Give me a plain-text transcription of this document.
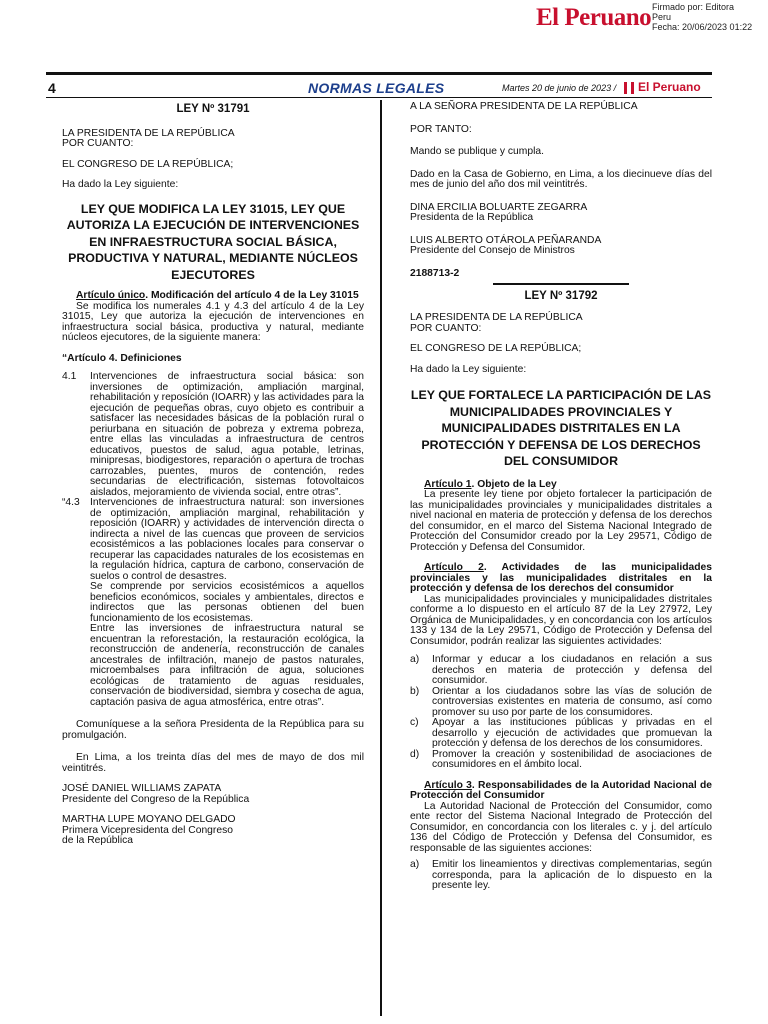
El Peruano Firmado por: Editora
Peru
Fecha: 20/06/2023 01:22
4	NORMAS LEGALES	Martes 20 de junio de 2023 / El Peruano

LEY Nº 31791

LA PRESIDENTA DE LA REPÚBLICA

POR CUANTO:

EL CONGRESO DE LA REPÚBLICA;

Ha dado la Ley siguiente:

LEY QUE MODIFICA LA LEY 31015, LEY QUE AUTORIZA LA EJECUCIÓN DE INTERVENCIONES EN INFRAESTRUCTURA SOCIAL BÁSICA, PRODUCTIVA Y NATURAL, MEDIANTE NÚCLEOS EJECUTORES

Artículo único. Modificación del artículo 4 de la Ley 31015

Se modifica los numerales 4.1 y 4.3 del artículo 4 de la Ley 31015, Ley que autoriza la ejecución de intervenciones en infraestructura social básica, productiva y natural, mediante núcleos ejecutores, de la siguiente manera:

“Artículo 4. Definiciones

4.1	Intervenciones de infraestructura social básica: son inversiones de optimización, ampliación marginal, rehabilitación y reposición (IOARR) y las actividades para la ejecución de pequeñas obras, cuyo objeto es contribuir a satisfacer las necesidades básicas de la población rural o periurbana en situación de pobreza y extrema pobreza, entre ellas las vinculadas a infraestructura de centros educativos, puestos de salud, agua potable, letrinas, minipresas, biodigestores, reparación o apertura de trochas carrozables, puentes, muros de contención, redes secundarias de electrificación, sistemas fotovoltaicos aislados, mejoramiento de vivienda social, entre otras”.
“4.3 Intervenciones de infraestructura natural: son inversiones de optimización, ampliación marginal, rehabilitación y reposición (IOARR) y actividades de intervención directa o indirecta a nivel de las cuencas que proveen de servicios ecosistémicos a las poblaciones locales para conservar o recuperar las capacidades naturales de los ecosistemas en la regulación hídrica, captura de carbono, conservación de suelos o control de desastres.
Se comprende por servicios ecosistémicos a aquellos beneficios económicos, sociales y ambientales, directos e indirectos que las personas obtienen del buen funcionamiento de los ecosistemas.
Entre las inversiones de infraestructura natural se encuentran la reforestación, la restauración ecológica, la reconstrucción de andenería, reconstrucción de canales ancestrales de infiltración, manejo de pastos naturales, microembalses para infiltración de agua, soluciones ecológicas de tratamiento de aguas residuales, conservación de biodiversidad, siembra y cosecha de agua, captación pasiva de agua atmosférica, entre otras”.

Comuníquese a la señora Presidenta de la República para su promulgación.

En Lima, a los treinta días del mes de mayo de dos mil veintitrés.

JOSÉ DANIEL WILLIAMS ZAPATA

Presidente del Congreso de la República

MARTHA LUPE MOYANO DELGADO

Primera Vicepresidenta del Congreso

de la República

A LA SEÑORA PRESIDENTA DE LA REPÚBLICA

POR TANTO:

Mando se publique y cumpla.

Dado en la Casa de Gobierno, en Lima, a los diecinueve días del mes de junio del año dos mil veintitrés.

DINA ERCILIA BOLUARTE ZEGARRA

Presidenta de la República

LUIS ALBERTO OTÁROLA PEÑARANDA

Presidente del Consejo de Ministros

2188713-2

LEY Nº 31792

LA PRESIDENTA DE LA REPÚBLICA

POR CUANTO:

EL CONGRESO DE LA REPÚBLICA;

Ha dado la Ley siguiente:

LEY QUE FORTALECE LA PARTICIPACIÓN DE LAS MUNICIPALIDADES PROVINCIALES Y MUNICIPALIDADES DISTRITALES EN LA PROTECCIÓN Y DEFENSA DE LOS DERECHOS DEL CONSUMIDOR

Artículo 1. Objeto de la Ley

La presente ley tiene por objeto fortalecer la participación de las municipalidades provinciales y municipalidades distritales a nivel nacional en materia de protección y defensa de los derechos del consumidor, en el marco del Sistema Nacional Integrado de Protección del Consumidor creado por la Ley 29571, Código de Protección y Defensa del Consumidor.

Artículo 2. Actividades de las municipalidades provinciales y las municipalidades distritales en la protección y defensa de los derechos del consumidor

Las municipalidades provinciales y municipalidades distritales conforme a lo dispuesto en el artículo 87 de la Ley 27972, Ley Orgánica de Municipalidades, y en concordancia con los artículos 133 y 134 de la Ley 29571, Código de Protección y Defensa del Consumidor, podrán realizar las siguientes actividades:

a)	Informar y educar a los ciudadanos en relación a sus derechos en materia de protección y defensa del consumidor.
b)	Orientar a los ciudadanos sobre las vías de solución de controversias existentes en materia de consumo, así como promover su uso por parte de los consumidores.
c)	Apoyar a las instituciones públicas y privadas en el desarrollo y ejecución de actividades que promuevan la protección y defensa de los derechos de los consumidores.
d)	Promover la creación y sostenibilidad de asociaciones de consumidores en el ámbito local.

Artículo 3. Responsabilidades de la Autoridad Nacional de Protección del Consumidor

La Autoridad Nacional de Protección del Consumidor, como ente rector del Sistema Nacional Integrado de Protección del Consumidor, en concordancia con los literales c. y j. del artículo 136 del Código de Protección y Defensa del Consumidor, es responsable de las siguientes acciones:

a)	Emitir los lineamientos y directivas complementarias, según corresponda, para la aplicación de lo dispuesto en la presente ley.
